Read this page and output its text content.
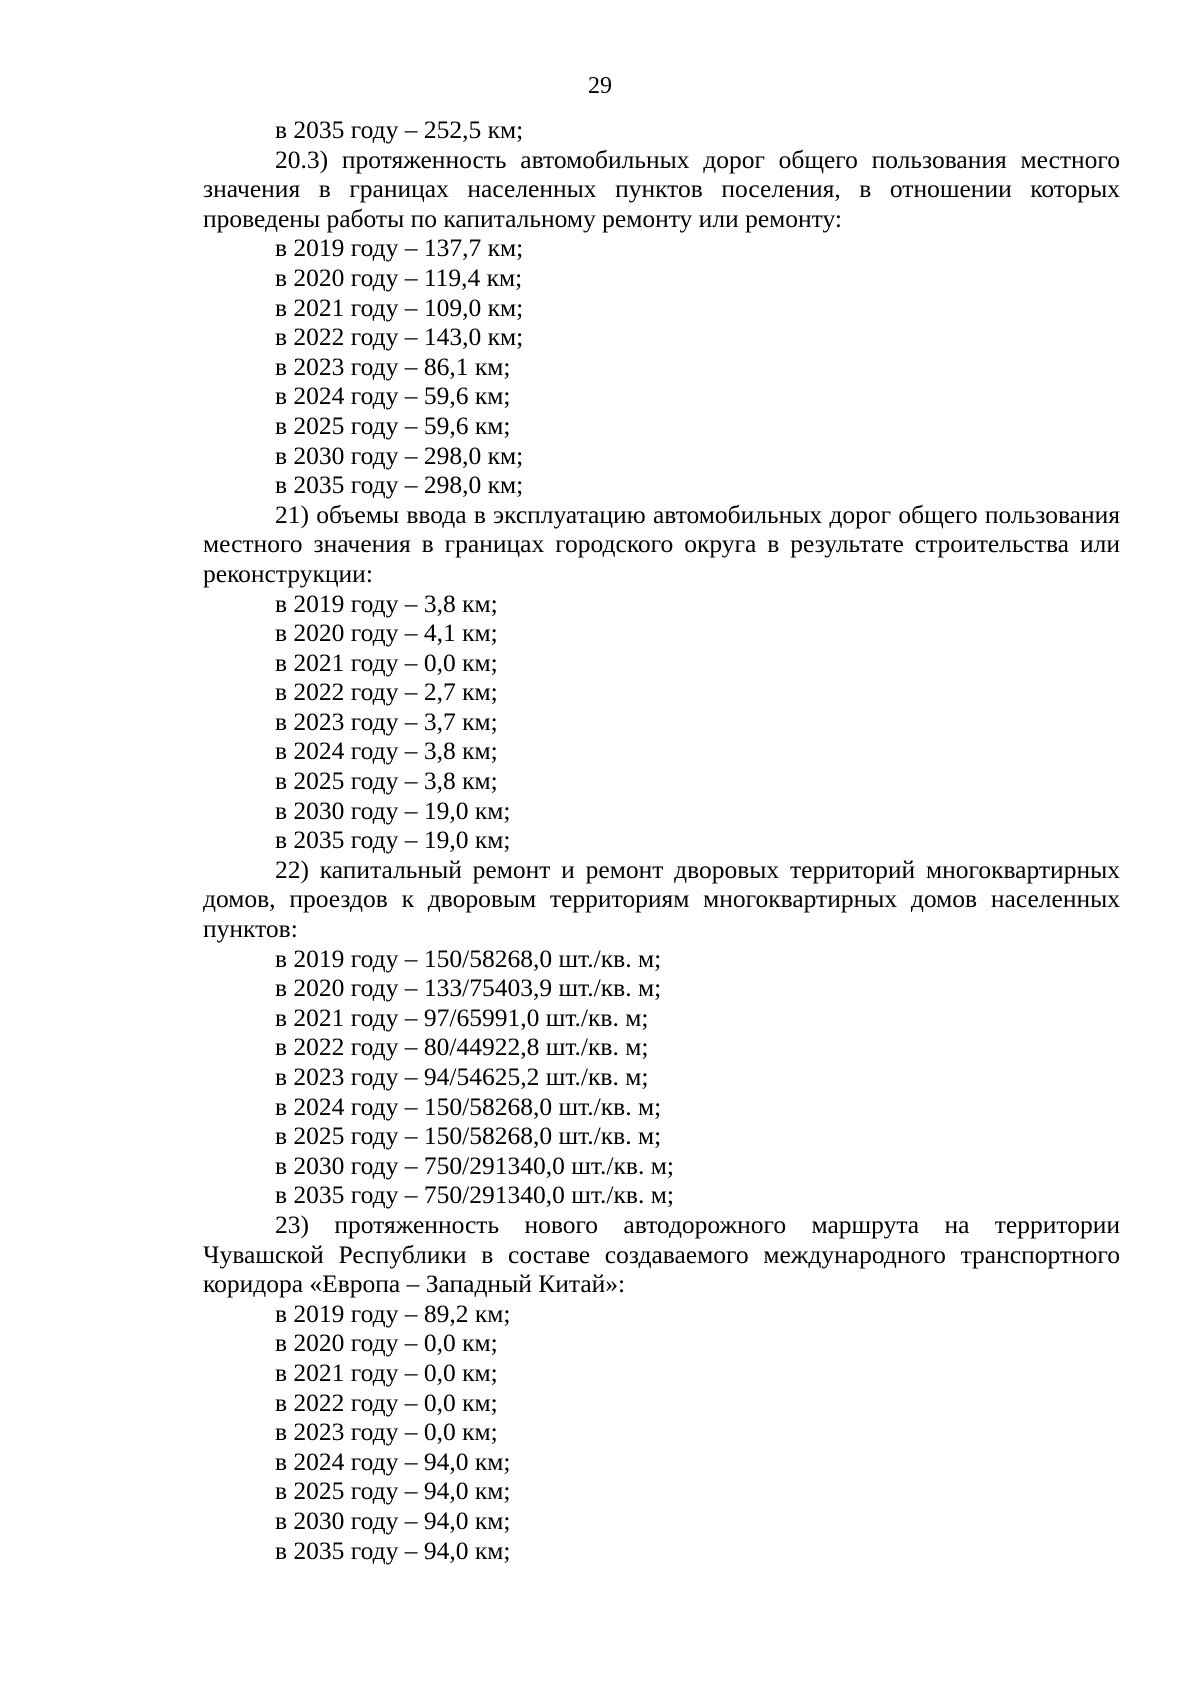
29
в 2035 году – 252,5 км;
20.3) протяженность автомобильных дорог общего пользования местного значения в границах населенных пунктов поселения, в отношении которых проведены работы по капитальному ремонту или ремонту:
в 2019 году – 137,7 км;
в 2020 году – 119,4 км;
в 2021 году – 109,0 км;
в 2022 году – 143,0 км;
в 2023 году – 86,1 км;
в 2024 году – 59,6 км;
в 2025 году – 59,6 км;
в 2030 году – 298,0 км;
в 2035 году – 298,0 км;
21) объемы ввода в эксплуатацию автомобильных дорог общего пользования местного значения в границах городского округа в результате строительства или реконструкции:
в 2019 году – 3,8 км;
в 2020 году – 4,1 км;
в 2021 году – 0,0 км;
в 2022 году – 2,7 км;
в 2023 году – 3,7 км;
в 2024 году – 3,8 км;
в 2025 году – 3,8 км;
в 2030 году – 19,0 км;
в 2035 году – 19,0 км;
22) капитальный ремонт и ремонт дворовых территорий многоквартирных домов, проездов к дворовым территориям многоквартирных домов населенных пунктов:
в 2019 году – 150/58268,0 шт./кв. м;
в 2020 году – 133/75403,9 шт./кв. м;
в 2021 году – 97/65991,0 шт./кв. м;
в 2022 году – 80/44922,8 шт./кв. м;
в 2023 году – 94/54625,2 шт./кв. м;
в 2024 году – 150/58268,0 шт./кв. м;
в 2025 году – 150/58268,0 шт./кв. м;
в 2030 году – 750/291340,0 шт./кв. м;
в 2035 году – 750/291340,0 шт./кв. м;
23) протяженность нового автодорожного маршрута на территории Чувашской Республики в составе создаваемого международного транспортного коридора «Европа – Западный Китай»:
в 2019 году – 89,2 км;
в 2020 году – 0,0 км;
в 2021 году – 0,0 км;
в 2022 году – 0,0 км;
в 2023 году – 0,0 км;
в 2024 году – 94,0 км;
в 2025 году – 94,0 км;
в 2030 году – 94,0 км;
в 2035 году – 94,0 км;
